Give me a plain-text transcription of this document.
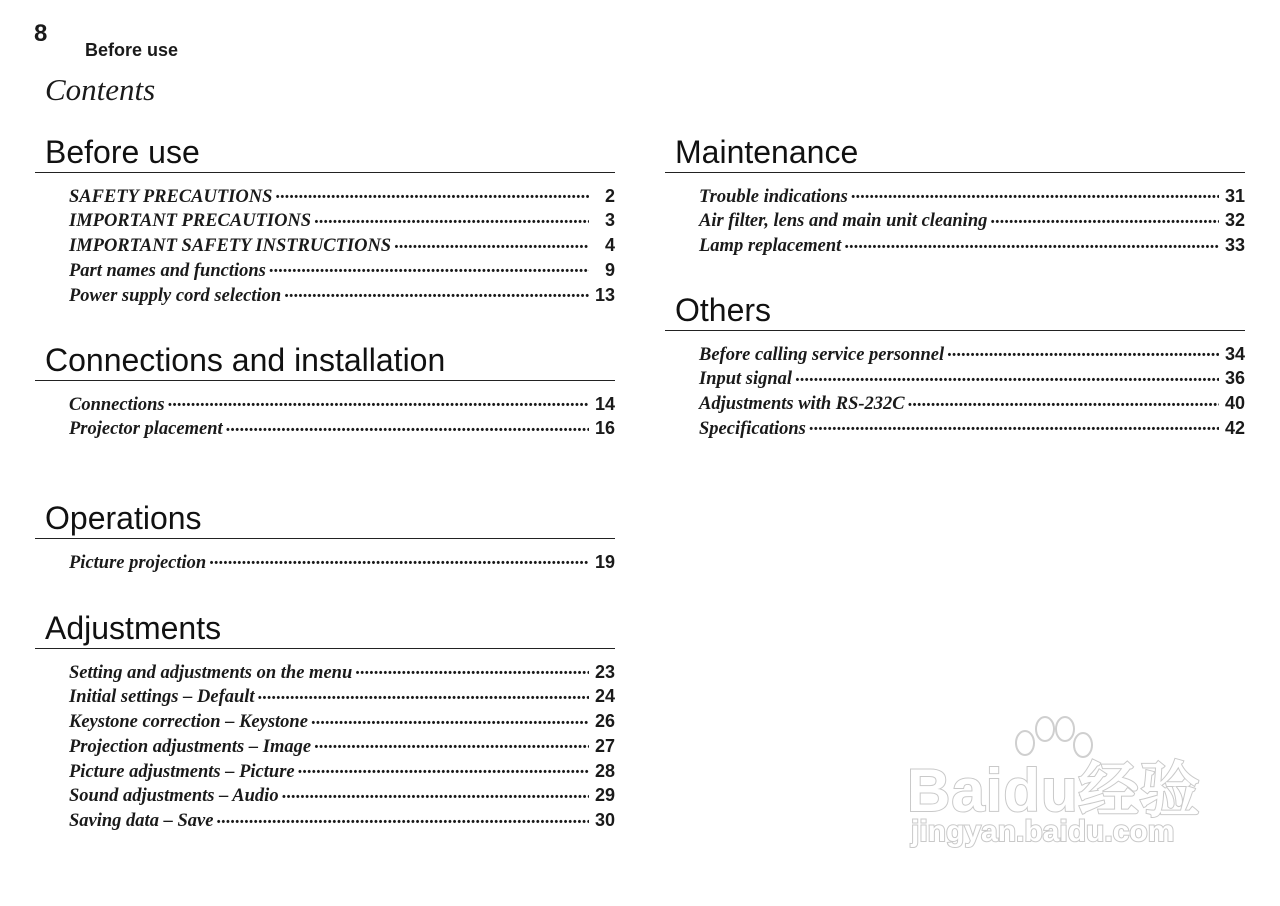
8
Before use
Contents
Before use
SAFETY PRECAUTIONS .....	2
IMPORTANT PRECAUTIONS .....	3
IMPORTANT SAFETY INSTRUCTIONS .....	4
Part names and functions .....	9
Power supply cord selection .....	13
Connections and installation
Connections .....	14
Projector placement .....	16
Operations
Picture projection .....	19
Adjustments
Setting and adjustments on the menu .....	23
Initial settings – Default .....	24
Keystone correction – Keystone .....	26
Projection adjustments – Image .....	27
Picture adjustments – Picture .....	28
Sound adjustments – Audio .....	29
Saving data – Save .....	30
Maintenance
Trouble indications .....	31
Air filter, lens and main unit cleaning .....	32
Lamp replacement .....	33
Others
Before calling service personnel .....	34
Input signal .....	36
Adjustments with RS-232C .....	40
Specifications .....	42
Baidu经验
jingyan.baidu.com
